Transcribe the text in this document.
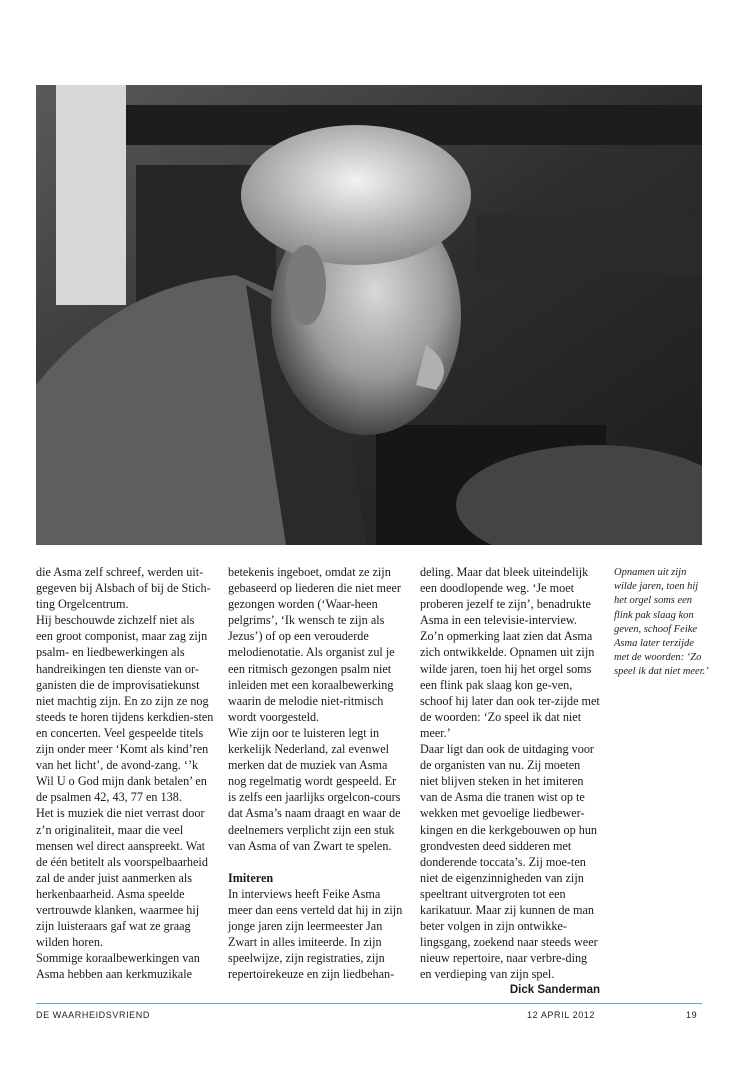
die Asma zelf schreef, werden uit-gegeven bij Alsbach of bij de Stich-ting Orgelcentrum.

Hij beschouwde zichzelf niet als een groot componist, maar zag zijn psalm- en liedbewerkingen als handreikingen ten dienste van or-ganisten die de improvisatiekunst niet machtig zijn. En zo zijn ze nog steeds te horen tijdens kerkdien-sten en concerten. Veel gespeelde titels zijn onder meer ‘Komt als kind’ren van het licht’, de avond-zang. ‘’k Wil U o God mijn dank betalen’ en de psalmen 42, 43, 77 en 138.

Het is muziek die niet verrast door z’n originaliteit, maar die veel mensen wel direct aanspreekt. Wat de één betitelt als voorspelbaarheid zal de ander juist aanmerken als herkenbaarheid. Asma speelde vertrouwde klanken, waarmee hij zijn luisteraars gaf wat ze graag wilden horen.

Sommige koraalbewerkingen van Asma hebben aan kerkmuzikale

betekenis ingeboet, omdat ze zijn gebaseerd op liederen die niet meer gezongen worden (‘Waar-heen pelgrims’, ‘Ik wensch te zijn als Jezus’) of op een verouderde melodienotatie. Als organist zul je een ritmisch gezongen psalm niet inleiden met een koraalbewerking waarin de melodie niet-ritmisch wordt voorgesteld.

Wie zijn oor te luisteren legt in kerkelijk Nederland, zal evenwel merken dat de muziek van Asma nog regelmatig wordt gespeeld. Er is zelfs een jaarlijks orgelcon-cours dat Asma’s naam draagt en waar de deelnemers verplicht zijn een stuk van Asma of van Zwart te spelen.

Imiteren

In interviews heeft Feike Asma meer dan eens verteld dat hij in zijn jonge jaren zijn leermeester Jan Zwart in alles imiteerde. In zijn speelwijze, zijn registraties, zijn repertoirekeuze en zijn liedbehan-

deling. Maar dat bleek uiteindelijk een doodlopende weg. ‘Je moet proberen jezelf te zijn’, benadrukte Asma in een televisie-interview. Zo’n opmerking laat zien dat Asma zich ontwikkelde. Opnamen uit zijn wilde jaren, toen hij het orgel soms een flink pak slaag kon ge-ven, schoof hij later dan ook ter-zijde met de woorden: ‘Zo speel ik dat niet meer.’

Daar ligt dan ook de uitdaging voor de organisten van nu. Zij moeten niet blijven steken in het imiteren van de Asma die tranen wist op te wekken met gevoelige liedbewer-kingen en die kerkgebouwen op hun grondvesten deed sidderen met donderende toccata’s. Zij moe-ten niet de eigenzinnigheden van zijn speeltrant uitvergroten tot een karikatuur. Maar zij kunnen de man beter volgen in zijn ontwikke-lingsgang, zoekend naar steeds weer nieuw repertoire, naar verbre-ding en verdieping van zijn spel.

Dick Sanderman

Opnamen uit zijn wilde jaren, toen hij het orgel soms een flink pak slaag kon geven, schoof Feike Asma later terzijde met de woorden: ‘Zo speel ik dat niet meer.’
DE WAARHEIDSVRIEND	12 APRIL 2012	19
